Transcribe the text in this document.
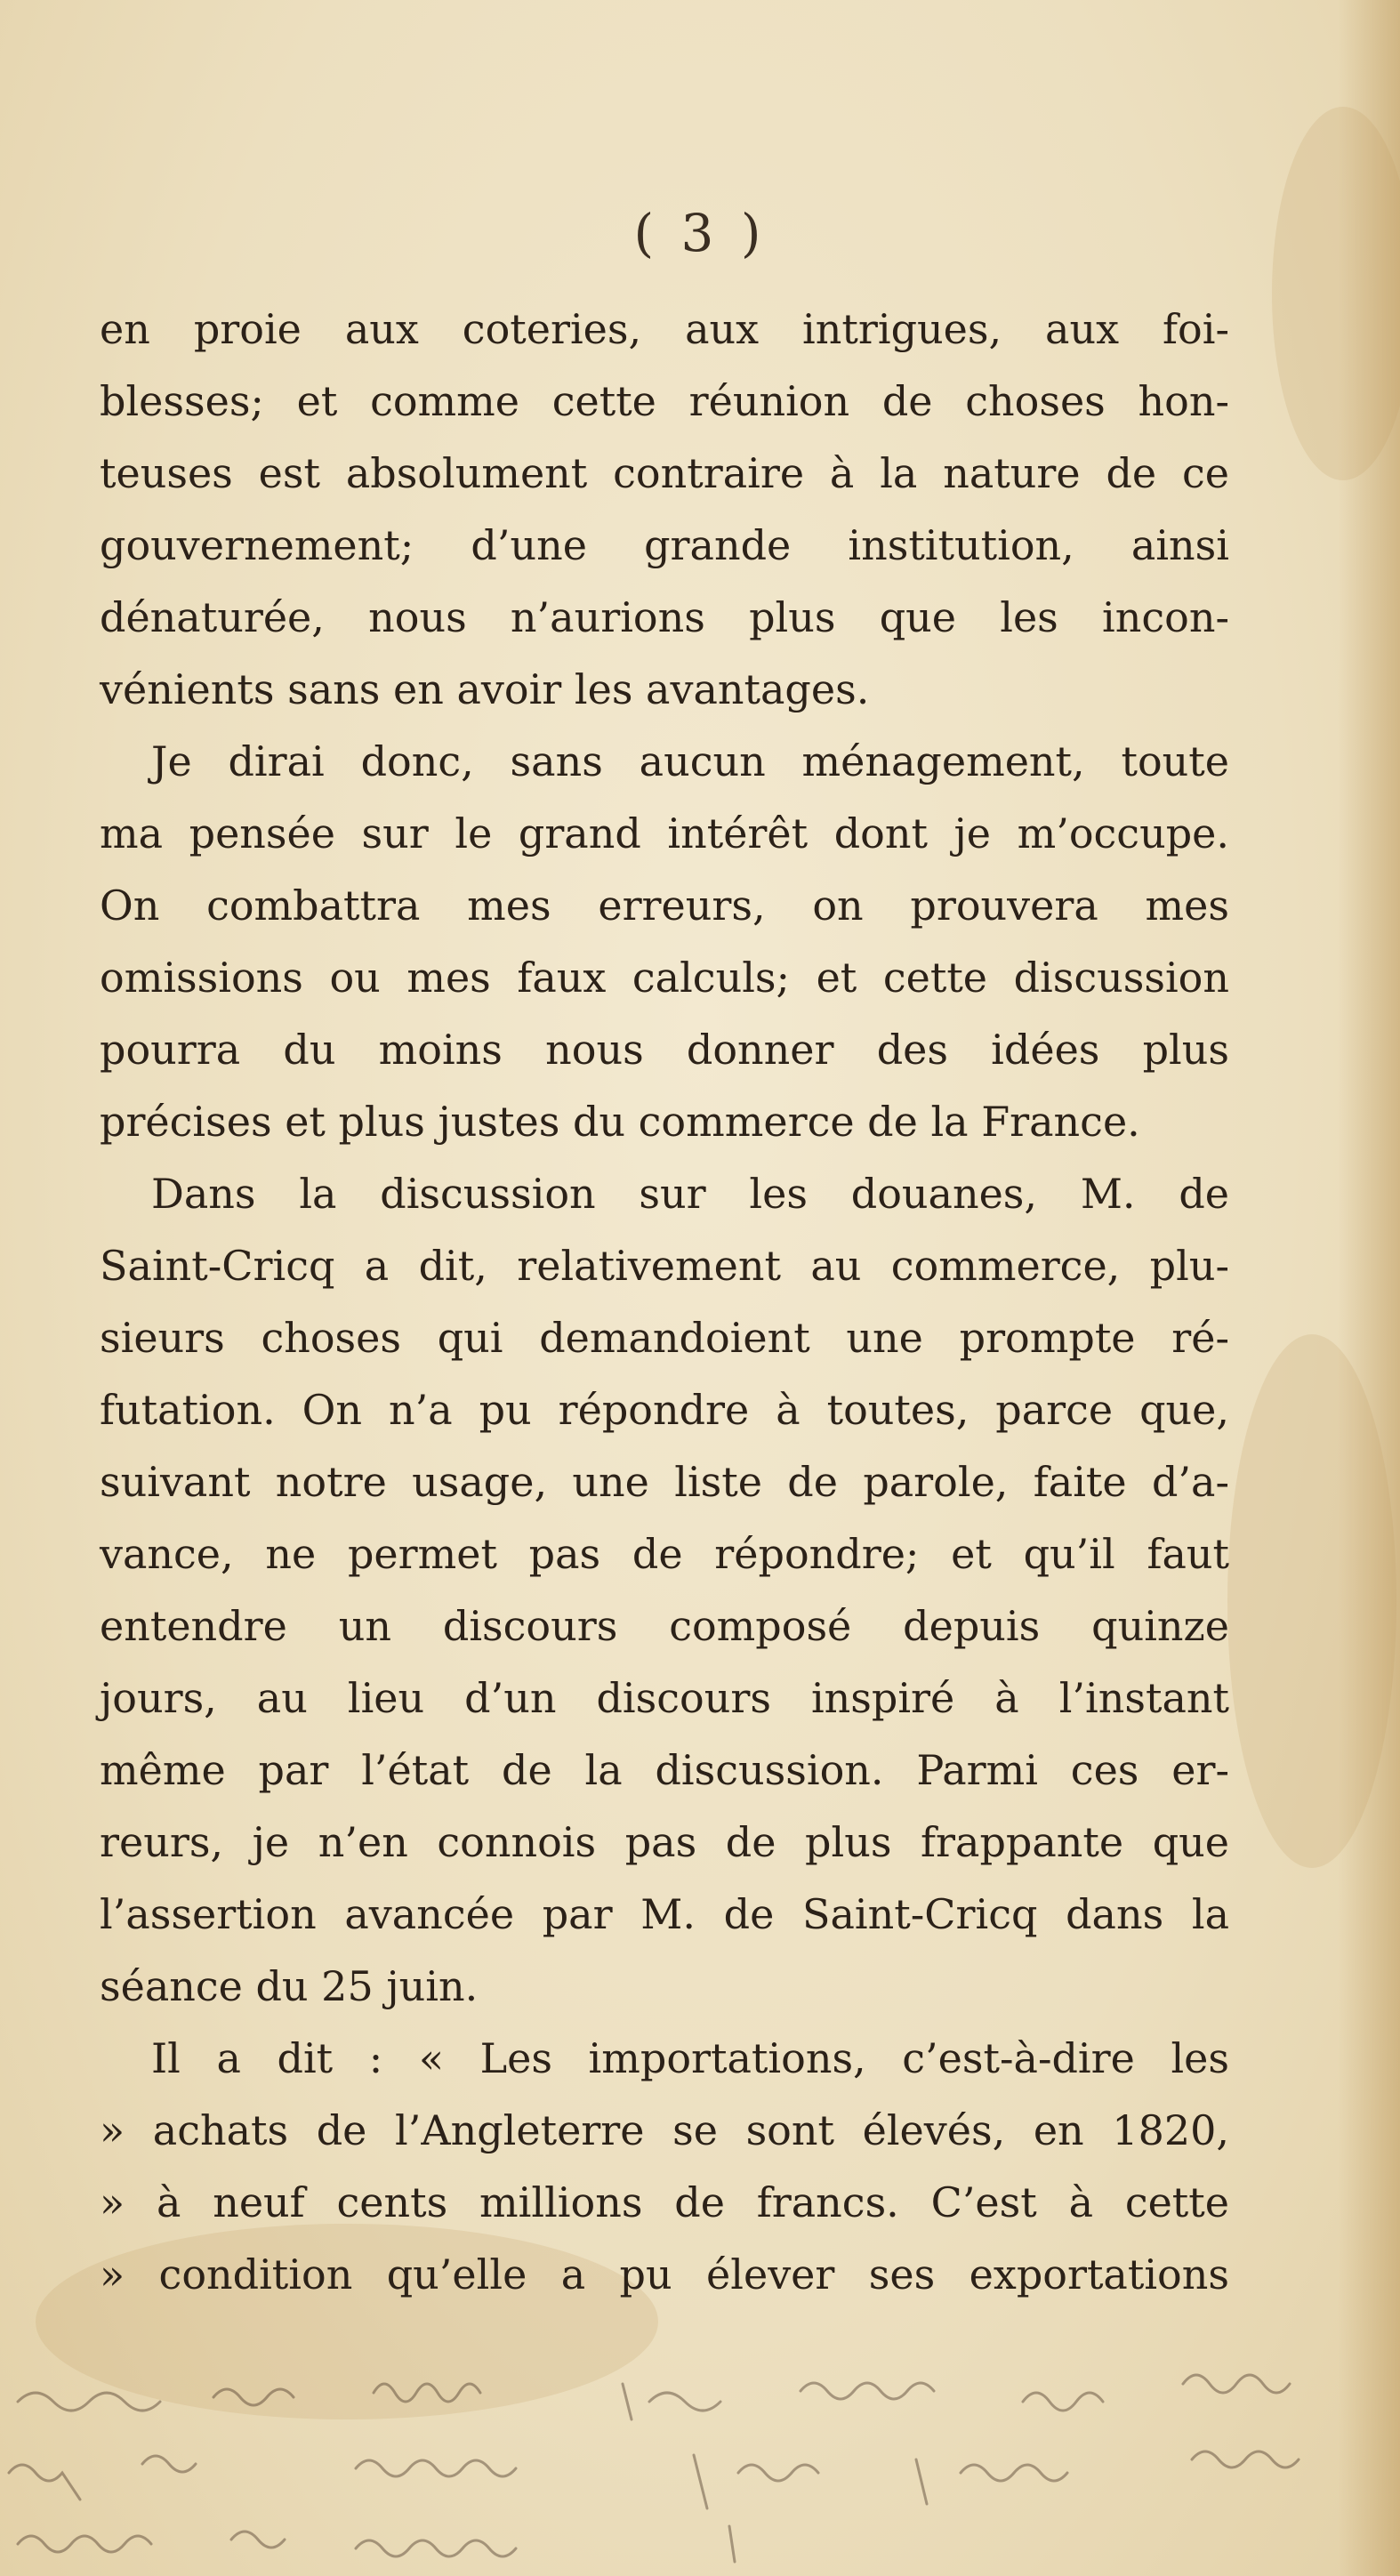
( 3 )
en proie aux coteries, aux intrigues, aux foi-
blesses; et comme cette réunion de choses hon-
teuses est absolument contraire à la nature de ce
gouvernement; d’une grande institution, ainsi
dénaturée, nous n’aurions plus que les incon-
vénients sans en avoir les avantages.
Je dirai donc, sans aucun ménagement, toute
ma pensée sur le grand intérêt dont je m’occupe.
On combattra mes erreurs, on prouvera mes
omissions ou mes faux calculs; et cette discussion
pourra du moins nous donner des idées plus
précises et plus justes du commerce de la France.
Dans la discussion sur les douanes, M. de
Saint-Cricq a dit, relativement au commerce, plu-
sieurs choses qui demandoient une prompte ré-
futation. On n’a pu répondre à toutes, parce que,
suivant notre usage, une liste de parole, faite d’a-
vance, ne permet pas de répondre; et qu’il faut
entendre un discours composé depuis quinze
jours, au lieu d’un discours inspiré à l’instant
même par l’état de la discussion. Parmi ces er-
reurs, je n’en connois pas de plus frappante que
l’assertion avancée par M. de Saint-Cricq dans la
séance du 25 juin.
Il a dit : « Les importations, c’est-à-dire les
» achats de l’Angleterre se sont élevés, en 1820,
» à neuf cents millions de francs. C’est à cette
» condition qu’elle a pu élever ses exportations
